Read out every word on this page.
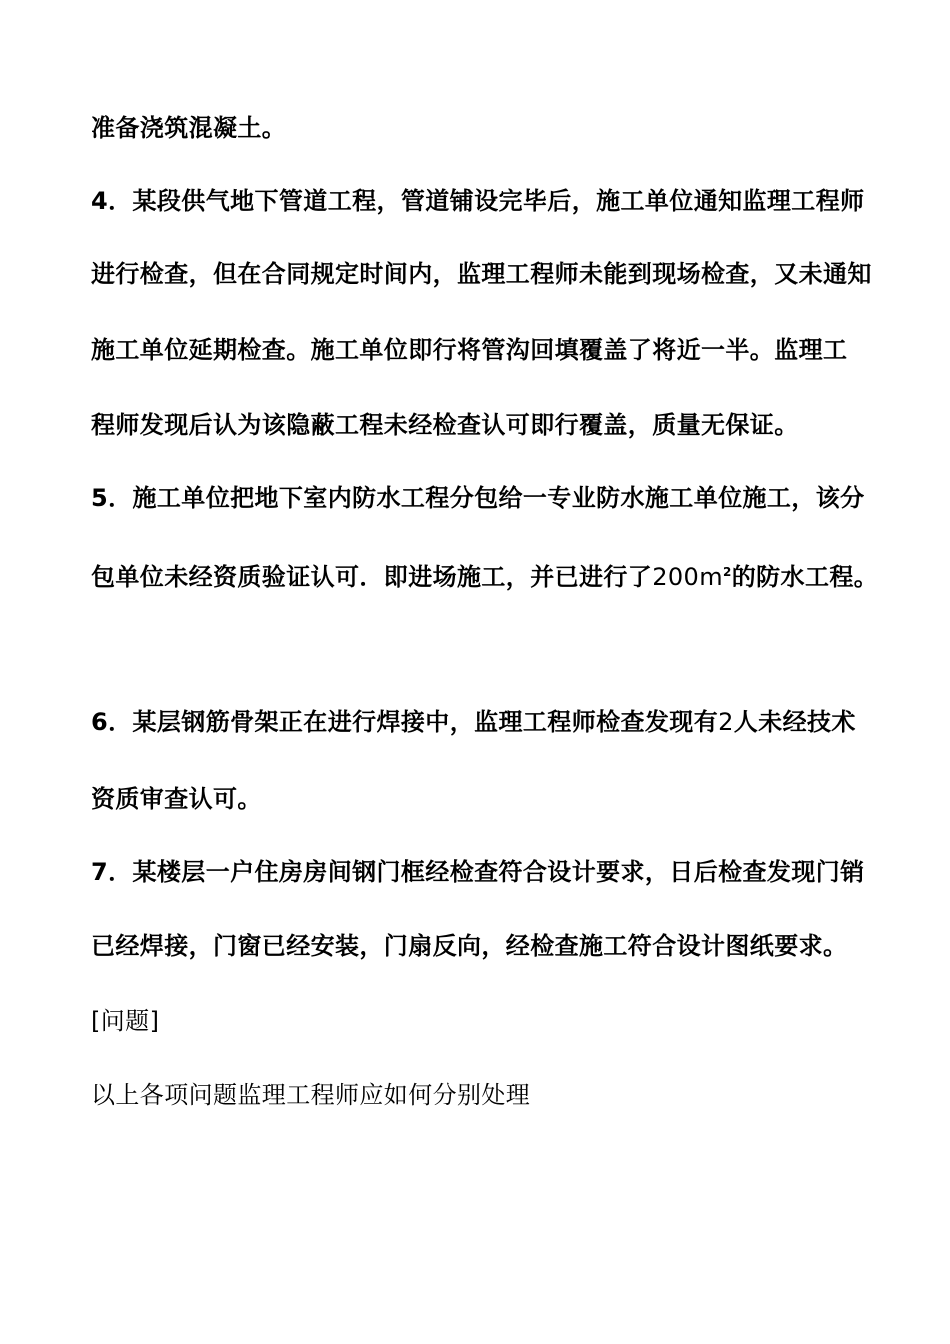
准备浇筑混凝土。
4．某段供气地下管道工程，管道铺设完毕后，施工单位通知监理工程师
进行检查，但在合同规定时间内，监理工程师未能到现场检查，又未通知
施工单位延期检查。施工单位即行将管沟回填覆盖了将近一半。监理工
程师发现后认为该隐蔽工程未经检查认可即行覆盖，质量无保证。
5．施工单位把地下室内防水工程分包给一专业防水施工单位施工，该分
包单位未经资质验证认可．即进场施工，并已进行了$200m^2$的防水工程。
6．某层钢筋骨架正在进行焊接中，监理工程师检查发现有2人未经技术
资质审查认可。
7．某楼层一户住房房间钢门框经检查符合设计要求，日后检查发现门销
已经焊接，门窗已经安装，门扇反向，经检查施工符合设计图纸要求。
[问题]
以上各项问题监理工程师应如何分别处理
